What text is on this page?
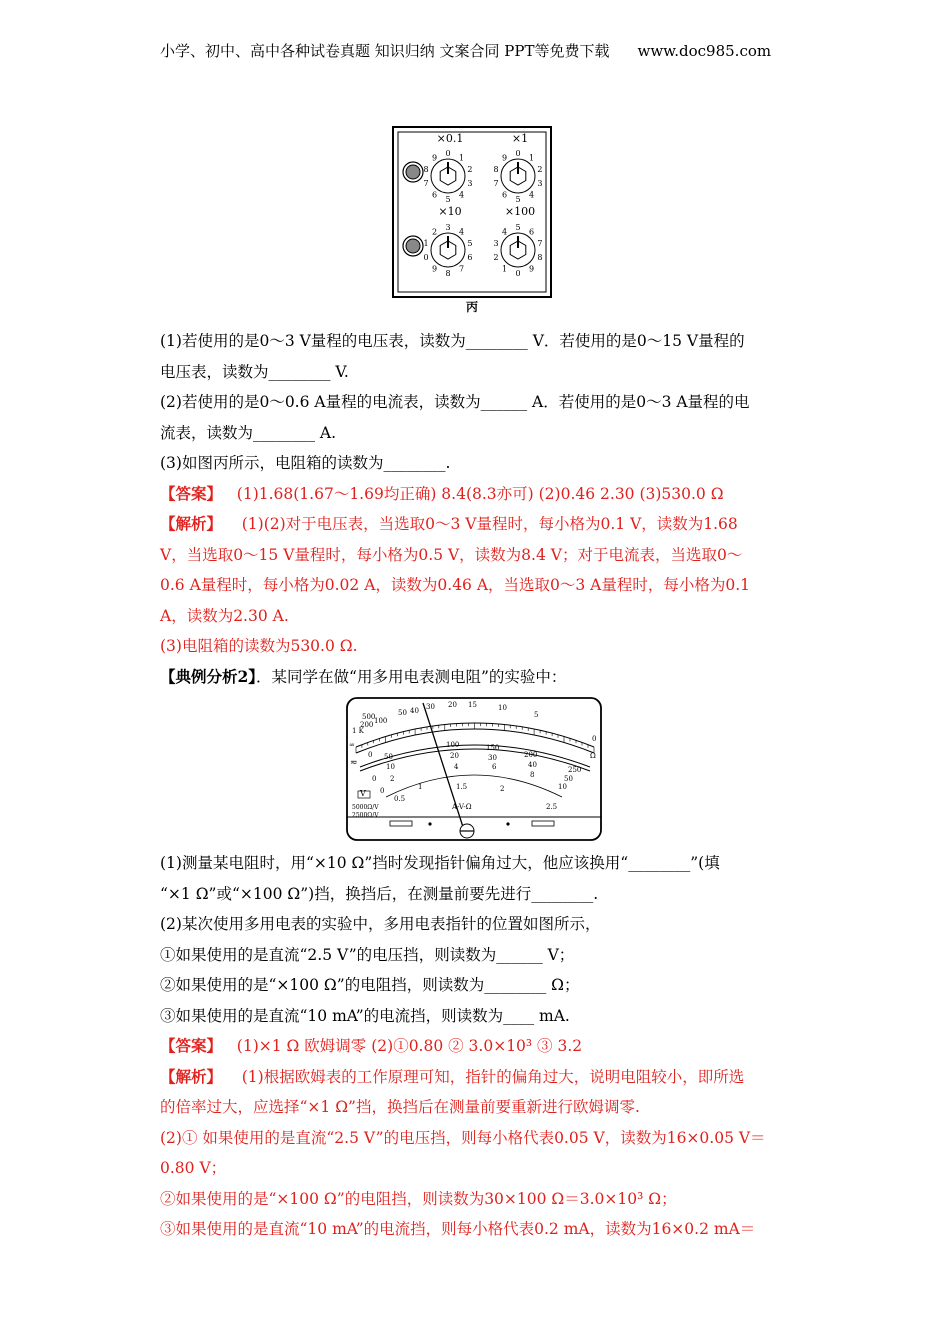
小学、初中、高中各种试卷真题 知识归纳 文案合同 PPT等免费下载 www.doc985.com
×0.1	×1
×10	×100
0 1
2
3
4
5
6
7
8
9	0 1
2
3
4
5
6
7
8
9
3 4
5
6
7
8
9
0
1
2	5 6
7
8
9
0
1
2
3
4
丙

(1)若使用的是0～3 V量程的电压表，读数为________ V．若使用的是0～15 V量程的

电压表，读数为________ V.

(2)若使用的是0～0.6 A量程的电流表，读数为______ A．若使用的是0～3 A量程的电

流表，读数为________ A.

(3)如图丙所示，电阻箱的读数为________.

【答案】 (1)1.68(1.67～1.69均正确) 8.4(8.3亦可) (2)0.46 2.30 (3)530.0 Ω

【解析】 (1)(2)对于电压表，当选取0～3 V量程时，每小格为0.1 V，读数为1.68

V，当选取0～15 V量程时，每小格为0.5 V，读数为8.4 V；对于电流表，当选取0～

0.6 A量程时，每小格为0.02 A，读数为0.46 A，当选取0～3 A量程时，每小格为0.1

A，读数为2.30 A.

(3)电阻箱的读数为530.0 Ω.

【典例分析2】．某同学在做“用多用电表测电阻”的实验中：

∞
1 K
500
200 100
50 40 30 20 15	10
5
0
Ω
100	150
200
250
20	30
40
50
4	6
8
10
0 50
10
0 2
0
0.5
1	1.5	2
2.5
A-V-Ω
≂
V
5000Ω/V
2500Ω/V

(1)测量某电阻时，用“×10 Ω”挡时发现指针偏角过大，他应该换用“________”(填

“×1 Ω”或“×100 Ω”)挡，换挡后，在测量前要先进行________.

(2)某次使用多用电表的实验中，多用电表指针的位置如图所示，

①如果使用的是直流“2.5 V”的电压挡，则读数为______ V；

②如果使用的是“×100 Ω”的电阻挡，则读数为________ Ω；

③如果使用的是直流“10 mA”的电流挡，则读数为____ mA.

【答案】 (1)×1 Ω 欧姆调零 (2)①0.80 ② 3.0×10³ ③ 3.2

【解析】 (1)根据欧姆表的工作原理可知，指针的偏角过大，说明电阻较小，即所选

的倍率过大，应选择“×1 Ω”挡，换挡后在测量前要重新进行欧姆调零.

(2)① 如果使用的是直流“2.5 V”的电压挡，则每小格代表0.05 V，读数为16×0.05 V＝

0.80 V；

②如果使用的是“×100 Ω”的电阻挡，则读数为30×100 Ω＝3.0×10³ Ω；

③如果使用的是直流“10 mA”的电流挡，则每小格代表0.2 mA，读数为16×0.2 mA＝
